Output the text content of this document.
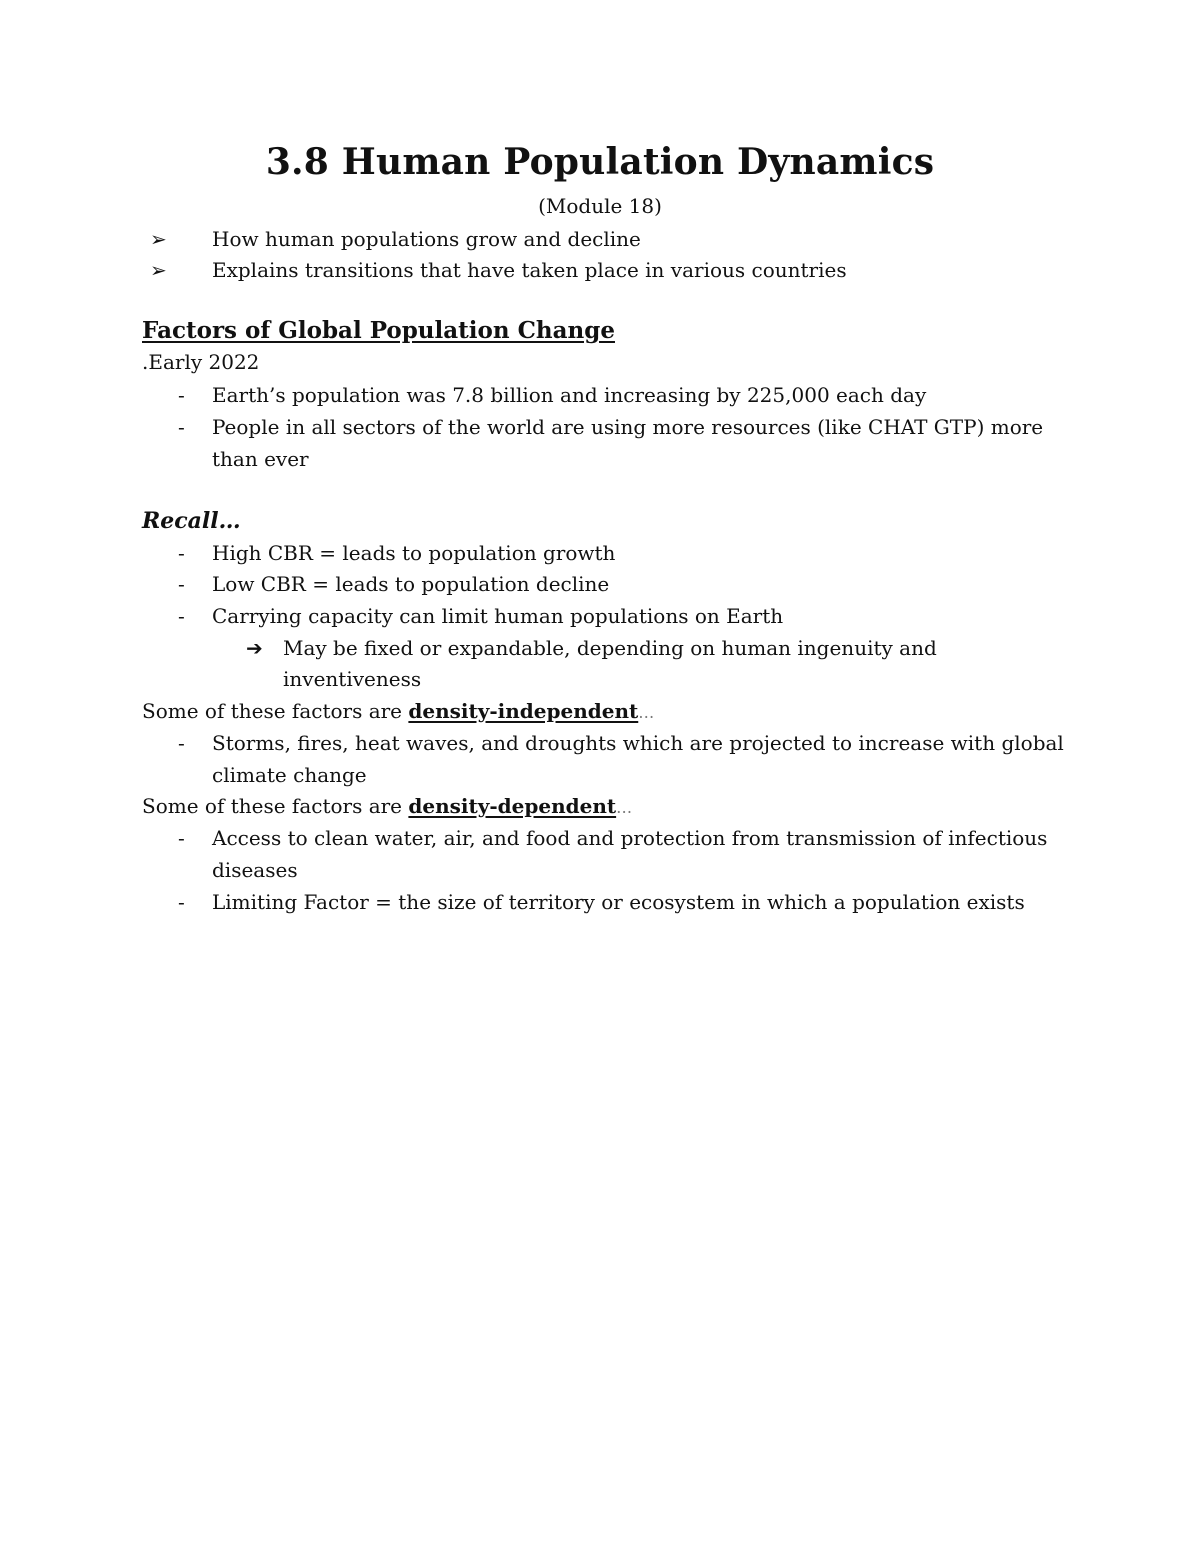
3.8 Human Population Dynamics
(Module 18)
➢ How human populations grow and decline
➢ Explains transitions that have taken place in various countries
Factors of Global Population Change
.Early 2022
- Earth’s population was 7.8 billion and increasing by 225,000 each day
- People in all sectors of the world are using more resources (like CHAT GTP) more
than ever
Recall…
- High CBR = leads to population growth
- Low CBR = leads to population decline
- Carrying capacity can limit human populations on Earth
➔ May be fixed or expandable, depending on human ingenuity and
inventiveness
Some of these factors are density-independent…
- Storms, fires, heat waves, and droughts which are projected to increase with global
climate change
Some of these factors are density-dependent…
- Access to clean water, air, and food and protection from transmission of infectious
diseases
- Limiting Factor = the size of territory or ecosystem in which a population exists
